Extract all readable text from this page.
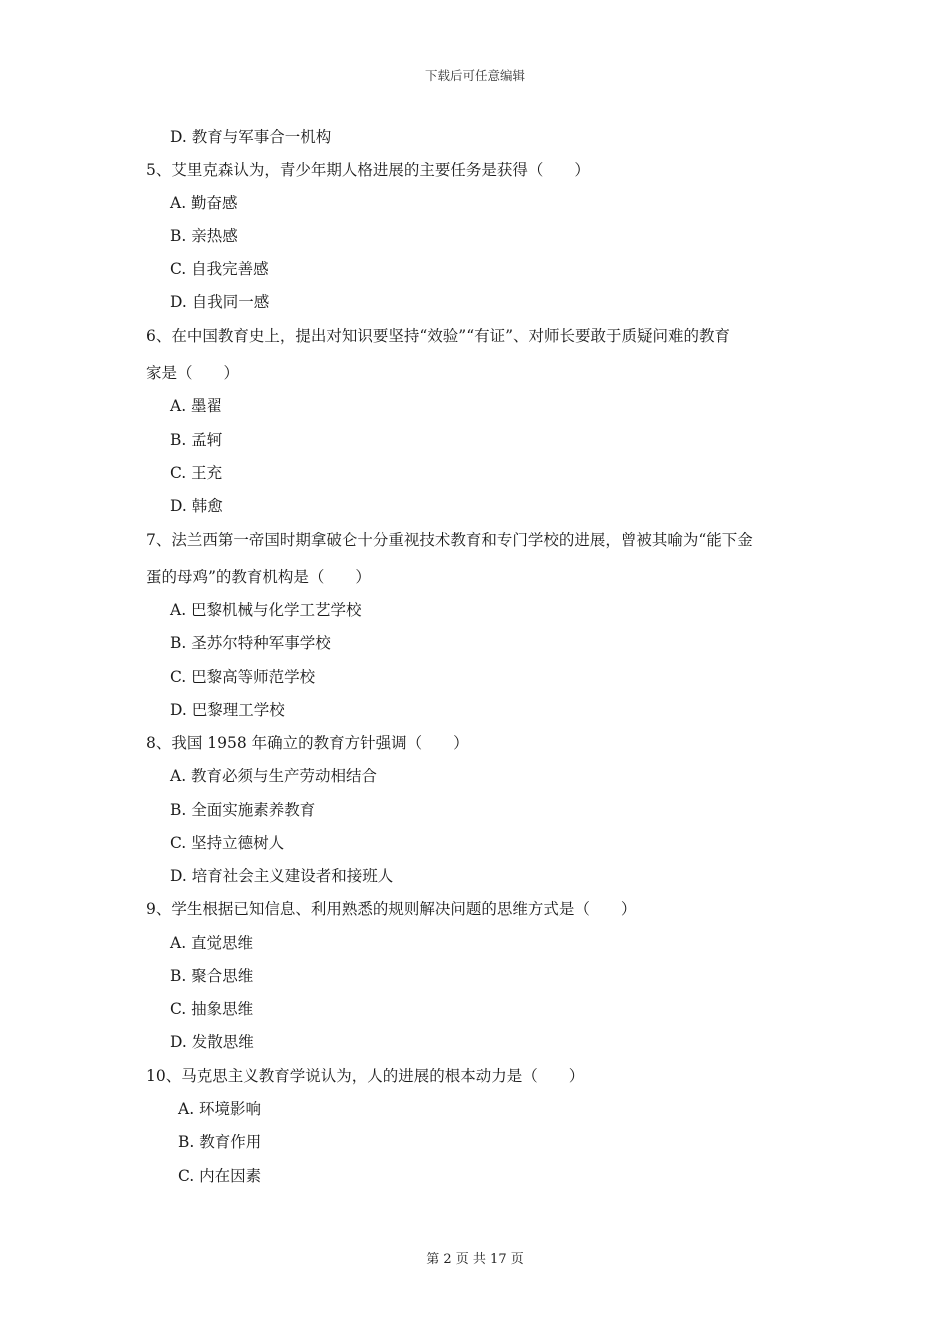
下载后可任意编辑
D. 教育与军事合一机构
5、艾里克森认为，青少年期人格进展的主要任务是获得（　　）
A. 勤奋感
B. 亲热感
C. 自我完善感
D. 自我同一感
6、在中国教育史上，提出对知识要坚持“效验”“有证”、对师长要敢于质疑问难的教育
家是（　　）
A. 墨翟
B. 孟轲
C. 王充
D. 韩愈
7、法兰西第一帝国时期拿破仑十分重视技术教育和专门学校的进展，曾被其喻为“能下金
蛋的母鸡”的教育机构是（　　）
A. 巴黎机械与化学工艺学校
B. 圣苏尔特种军事学校
C. 巴黎高等师范学校
D. 巴黎理工学校
8、我国 1958 年确立的教育方针强调（　　）
A. 教育必须与生产劳动相结合
B. 全面实施素养教育
C. 坚持立德树人
D. 培育社会主义建设者和接班人
9、学生根据已知信息、利用熟悉的规则解决问题的思维方式是（　　）
A. 直觉思维
B. 聚合思维
C. 抽象思维
D. 发散思维
10、马克思主义教育学说认为，人的进展的根本动力是（　　）
A. 环境影响
B. 教育作用
C. 内在因素
第 2 页 共 17 页
